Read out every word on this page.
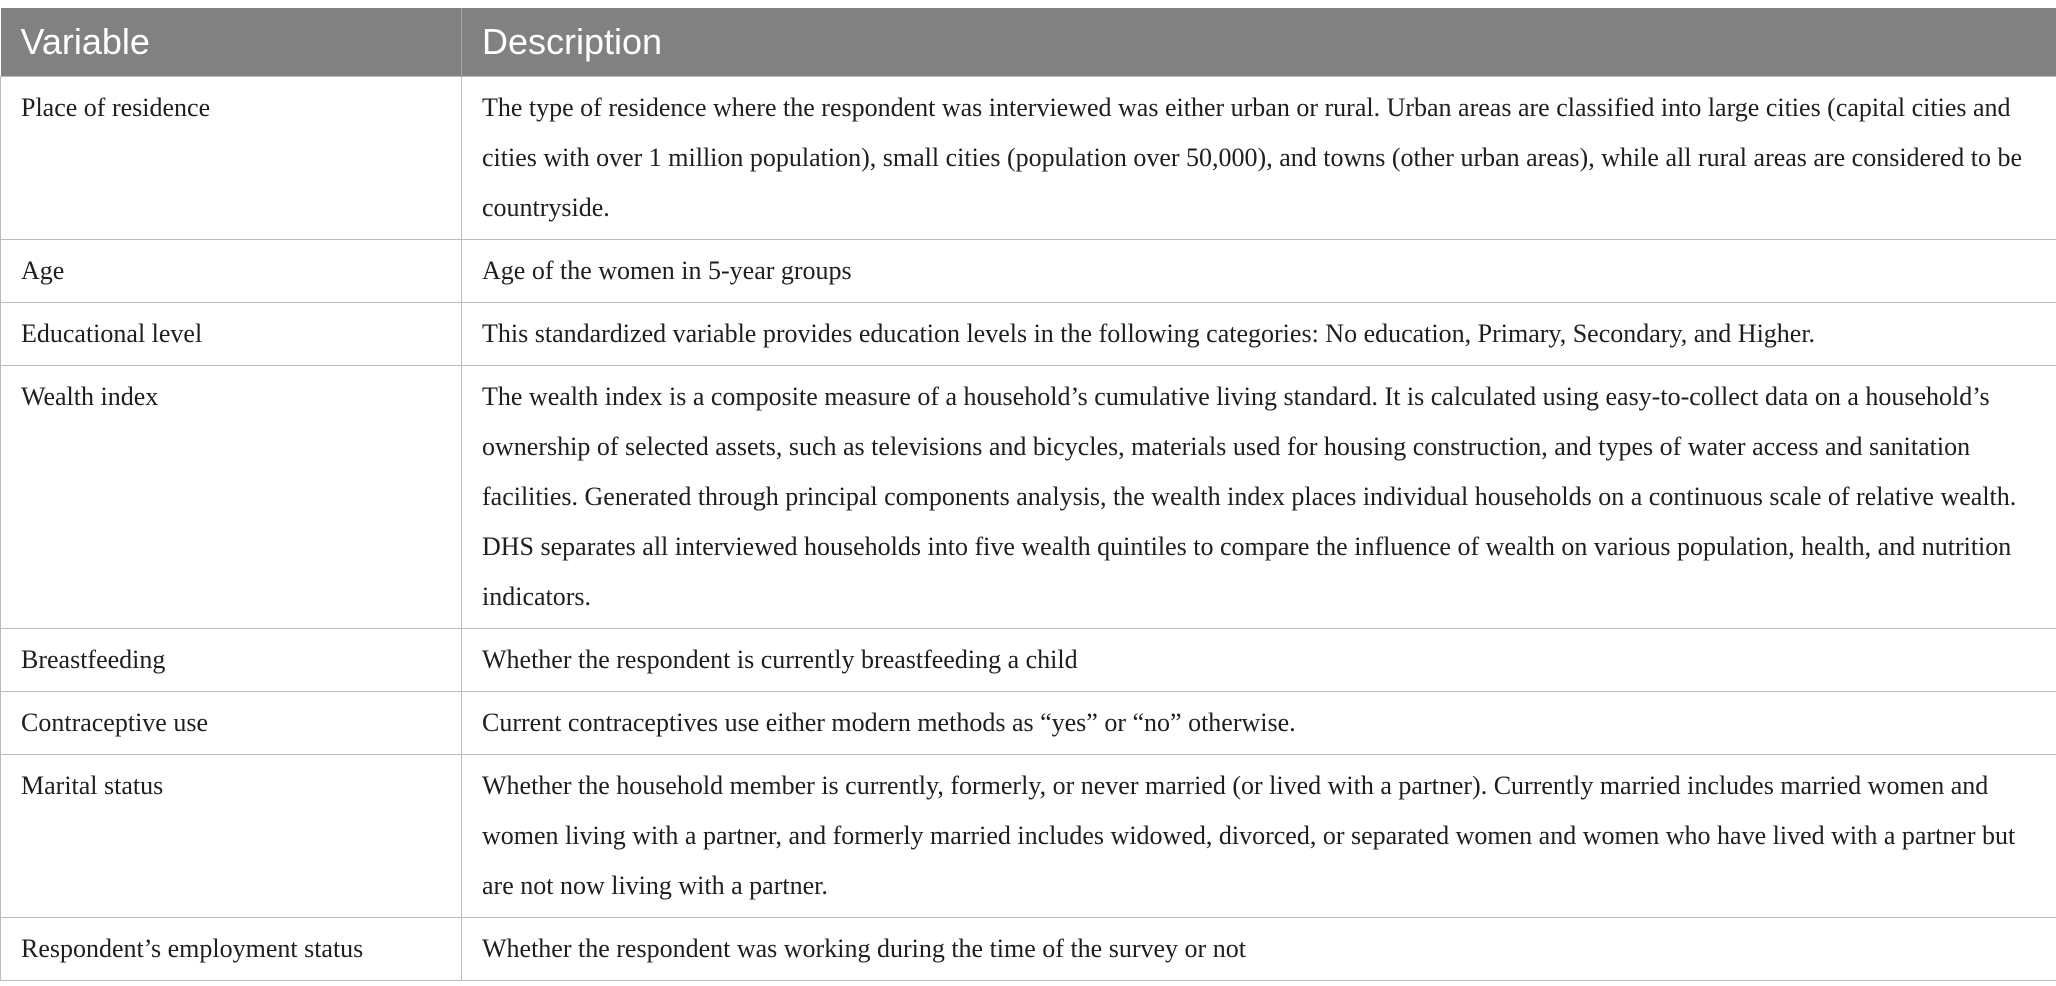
Variable	Description
Place of residence	The type of residence where the respondent was interviewed was either urban or rural. Urban areas are classified into large cities (capital cities and cities with over 1 million population), small cities (population over 50,000), and towns (other urban areas), while all rural areas are considered to be countryside.
Age	Age of the women in 5-year groups
Educational level	This standardized variable provides education levels in the following categories: No education, Primary, Secondary, and Higher.
Wealth index	The wealth index is a composite measure of a household’s cumulative living standard. It is calculated using easy-to-collect data on a household’s ownership of selected assets, such as televisions and bicycles, materials used for housing construction, and types of water access and sanitation facilities. Generated through principal components analysis, the wealth index places individual households on a continuous scale of relative wealth. DHS separates all interviewed households into five wealth quintiles to compare the influence of wealth on various population, health, and nutrition indicators.
Breastfeeding	Whether the respondent is currently breastfeeding a child
Contraceptive use	Current contraceptives use either modern methods as “yes” or “no” otherwise.
Marital status	Whether the household member is currently, formerly, or never married (or lived with a partner). Currently married includes married women and women living with a partner, and formerly married includes widowed, divorced, or separated women and women who have lived with a partner but are not now living with a partner.
Respondent’s employment status	Whether the respondent was working during the time of the survey or not
